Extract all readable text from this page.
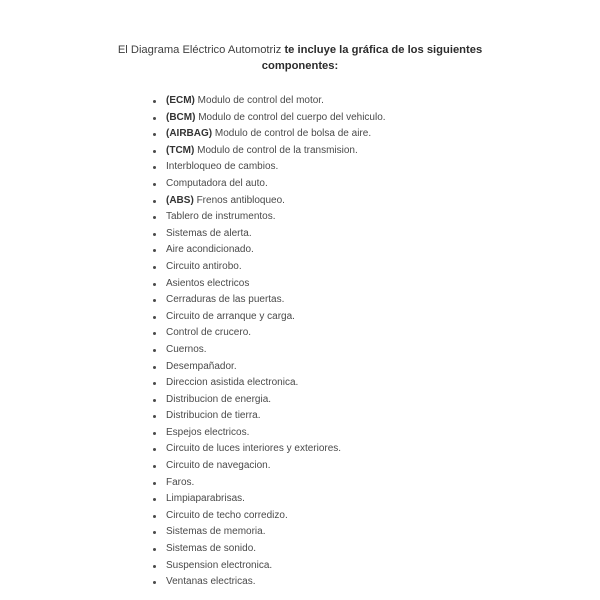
El Diagrama Eléctrico Automotriz te incluye la gráfica de los siguientes
componentes:
(ECM) Modulo de control del motor.
(BCM) Modulo de control del cuerpo del vehiculo.
(AIRBAG) Modulo de control de bolsa de aire.
(TCM) Modulo de control de la transmision.
Interbloqueo de cambios.
Computadora del auto.
(ABS) Frenos antibloqueo.
Tablero de instrumentos.
Sistemas de alerta.
Aire acondicionado.
Circuito antirobo.
Asientos electricos
Cerraduras de las puertas.
Circuito de arranque y carga.
Control de crucero.
Cuernos.
Desempañador.
Direccion asistida electronica.
Distribucion de energia.
Distribucion de tierra.
Espejos electricos.
Circuito de luces interiores y exteriores.
Circuito de navegacion.
Faros.
Limpiaparabrisas.
Circuito de techo corredizo.
Sistemas de memoria.
Sistemas de sonido.
Suspension electronica.
Ventanas electricas.
